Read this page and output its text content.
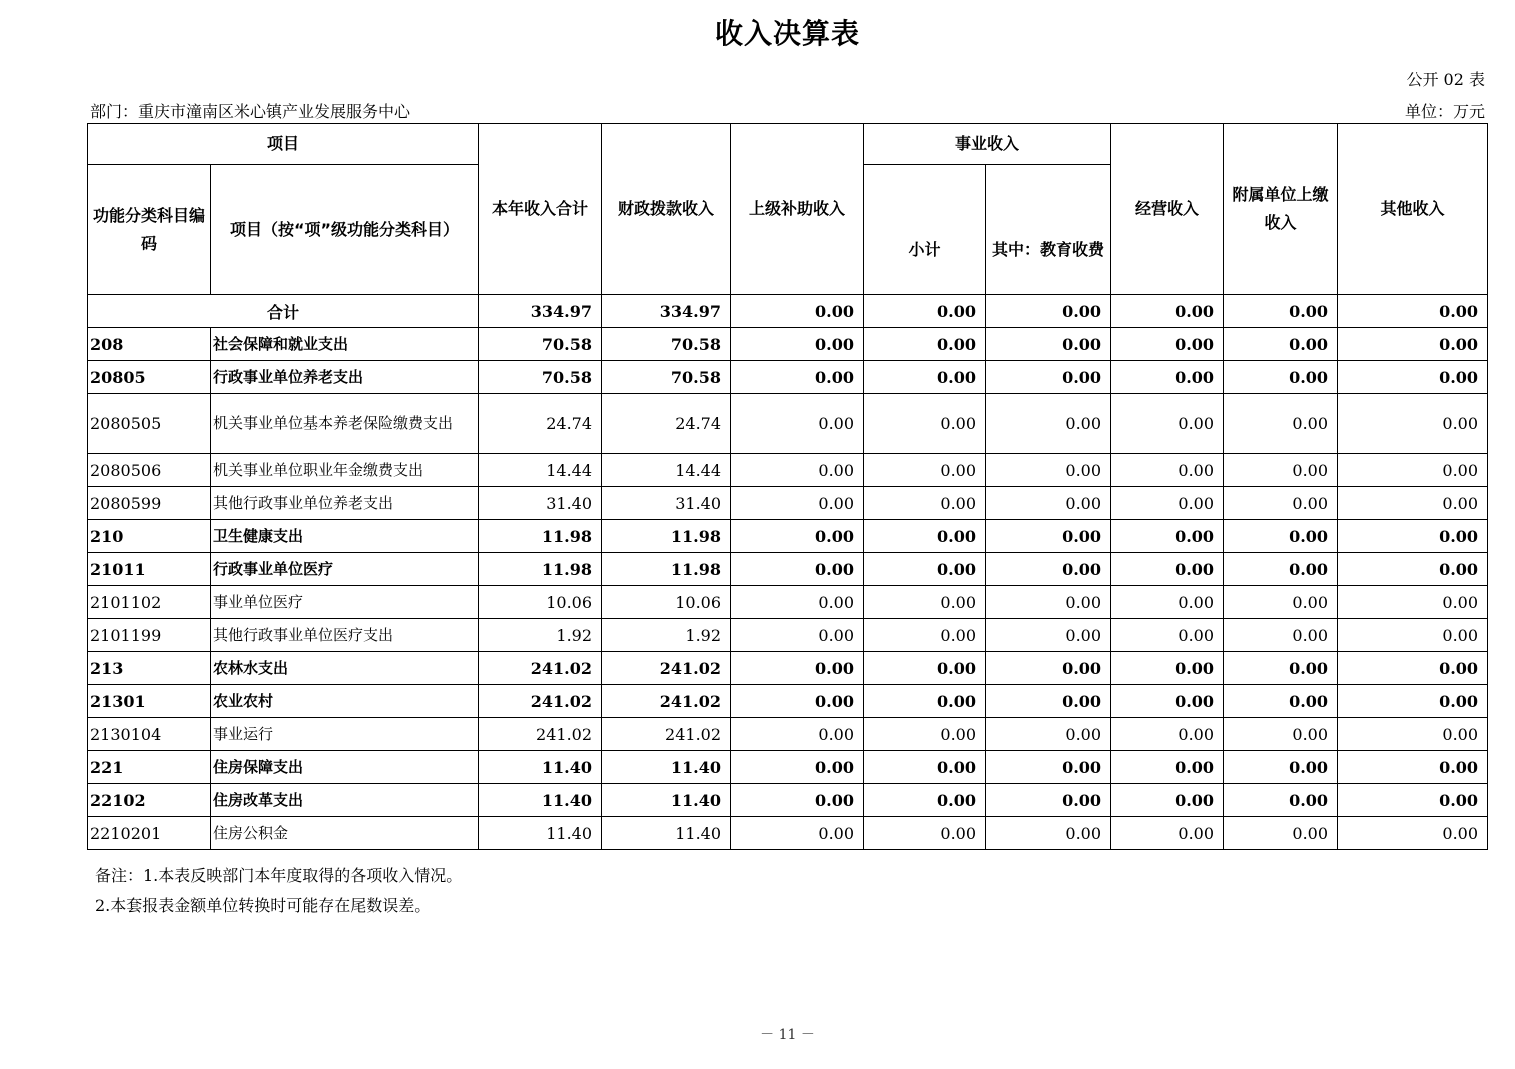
收入决算表
公开 02 表
部门：重庆市潼南区米心镇产业发展服务中心	单位：万元
项目		本年收入合计	财政拨款收入	上级补助收入	事业收入		经营收入	附属单位上缴收入	其他收入
功能分类科目编码	项目（按“项”级功能分类科目）				小计	其中：教育收费			
合计		334.97	334.97	0.00	0.00	0.00	0.00	0.00	0.00
208	社会保障和就业支出	70.58	70.58	0.00	0.00	0.00	0.00	0.00	0.00
20805	行政事业单位养老支出	70.58	70.58	0.00	0.00	0.00	0.00	0.00	0.00
2080505	机关事业单位基本养老保险缴费支出	24.74	24.74	0.00	0.00	0.00	0.00	0.00	0.00
2080506	机关事业单位职业年金缴费支出	14.44	14.44	0.00	0.00	0.00	0.00	0.00	0.00
2080599	其他行政事业单位养老支出	31.40	31.40	0.00	0.00	0.00	0.00	0.00	0.00
210	卫生健康支出	11.98	11.98	0.00	0.00	0.00	0.00	0.00	0.00
21011	行政事业单位医疗	11.98	11.98	0.00	0.00	0.00	0.00	0.00	0.00
2101102	事业单位医疗	10.06	10.06	0.00	0.00	0.00	0.00	0.00	0.00
2101199	其他行政事业单位医疗支出	1.92	1.92	0.00	0.00	0.00	0.00	0.00	0.00
213	农林水支出	241.02	241.02	0.00	0.00	0.00	0.00	0.00	0.00
21301	农业农村	241.02	241.02	0.00	0.00	0.00	0.00	0.00	0.00
2130104	事业运行	241.02	241.02	0.00	0.00	0.00	0.00	0.00	0.00
221	住房保障支出	11.40	11.40	0.00	0.00	0.00	0.00	0.00	0.00
22102	住房改革支出	11.40	11.40	0.00	0.00	0.00	0.00	0.00	0.00
2210201	住房公积金	11.40	11.40	0.00	0.00	0.00	0.00	0.00	0.00
备注：1.本表反映部门本年度取得的各项收入情况。
2.本套报表金额单位转换时可能存在尾数误差。
－ 11 －
